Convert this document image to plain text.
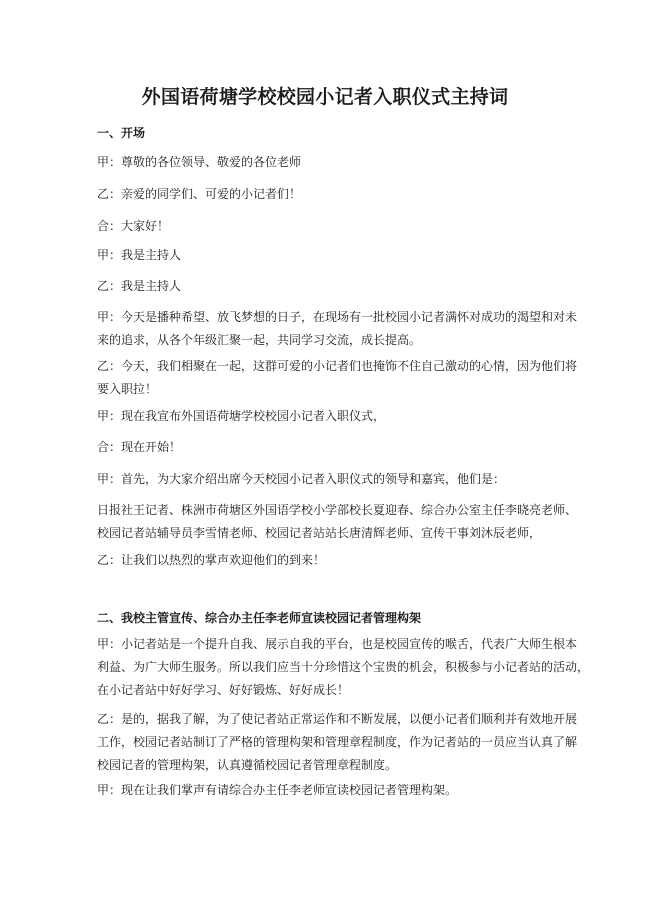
外国语荷塘学校校园小记者入职仪式主持词
一、开场
甲：尊敬的各位领导、敬爱的各位老师
乙：亲爱的同学们、可爱的小记者们！
合：大家好！
甲：我是主持人
乙：我是主持人
甲：今天是播种希望、放飞梦想的日子，在现场有一批校园小记者满怀对成功的渴望和对未
来的追求，从各个年级汇聚一起，共同学习交流，成长提高。
乙：今天，我们相聚在一起，这群可爱的小记者们也掩饰不住自己激动的心情，因为他们将
要入职拉！
甲：现在我宣布外国语荷塘学校校园小记者入职仪式，
合：现在开始！
甲：首先，为大家介绍出席今天校园小记者入职仪式的领导和嘉宾，他们是：
日报社王记者、株洲市荷塘区外国语学校小学部校长夏迎春、综合办公室主任李晓亮老师、
校园记者站辅导员李雪情老师、校园记者站站长唐清辉老师、宣传干事刘沐辰老师，
乙：让我们以热烈的掌声欢迎他们的到来！
二、我校主管宣传、综合办主任李老师宣读校园记者管理构架
甲：小记者站是一个提升自我、展示自我的平台，也是校园宣传的喉舌，代表广大师生根本
利益、为广大师生服务。所以我们应当十分珍惜这个宝贵的机会，积极参与小记者站的活动，
在小记者站中好好学习、好好锻炼、好好成长！
乙：是的，据我了解，为了使记者站正常运作和不断发展，以便小记者们顺利并有效地开展
工作，校园记者站制订了严格的管理构架和管理章程制度，作为记者站的一员应当认真了解
校园记者的管理构架，认真遵循校园记者管理章程制度。
甲：现在让我们掌声有请综合办主任李老师宣读校园记者管理构架。
